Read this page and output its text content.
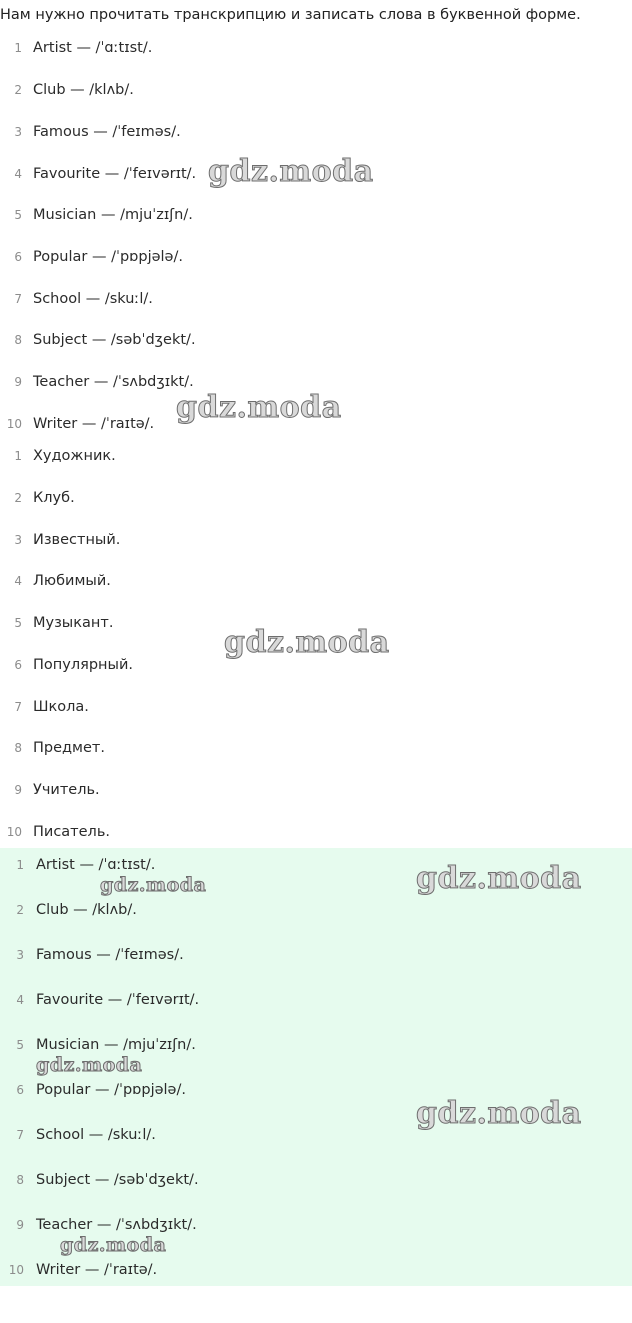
Нам нужно прочитать транскрипцию и записать слова в буквенной форме.
1 Artist — /ˈɑːtɪst/.
2 Club — /klʌb/.
3 Famous — /ˈfeɪməs/.
4 Favourite — /ˈfeɪvərɪt/.
5 Musician — /mjuˈzɪʃn/.
6 Popular — /ˈpɒpjələ/.
7 School — /skuːl/.
8 Subject — /səbˈdʒekt/.
9 Teacher — /ˈsʌbdʒɪkt/.
10 Writer — /ˈraɪtə/.
1 Художник.
2 Клуб.
3 Известный.
4 Любимый.
5 Музыкант.
6 Популярный.
7 Школа.
8 Предмет.
9 Учитель.
10 Писатель.
1 Artist — /ˈɑːtɪst/.
2 Club — /klʌb/.
3 Famous — /ˈfeɪməs/.
4 Favourite — /ˈfeɪvərɪt/.
5 Musician — /mjuˈzɪʃn/.
6 Popular — /ˈpɒpjələ/.
7 School — /skuːl/.
8 Subject — /səbˈdʒekt/.
9 Teacher — /ˈsʌbdʒɪkt/.
10 Writer — /ˈraɪtə/.
gdz.moda
gdz.moda
gdz.moda
gdz.moda
gdz.moda
gdz.moda
gdz.moda
gdz.moda
